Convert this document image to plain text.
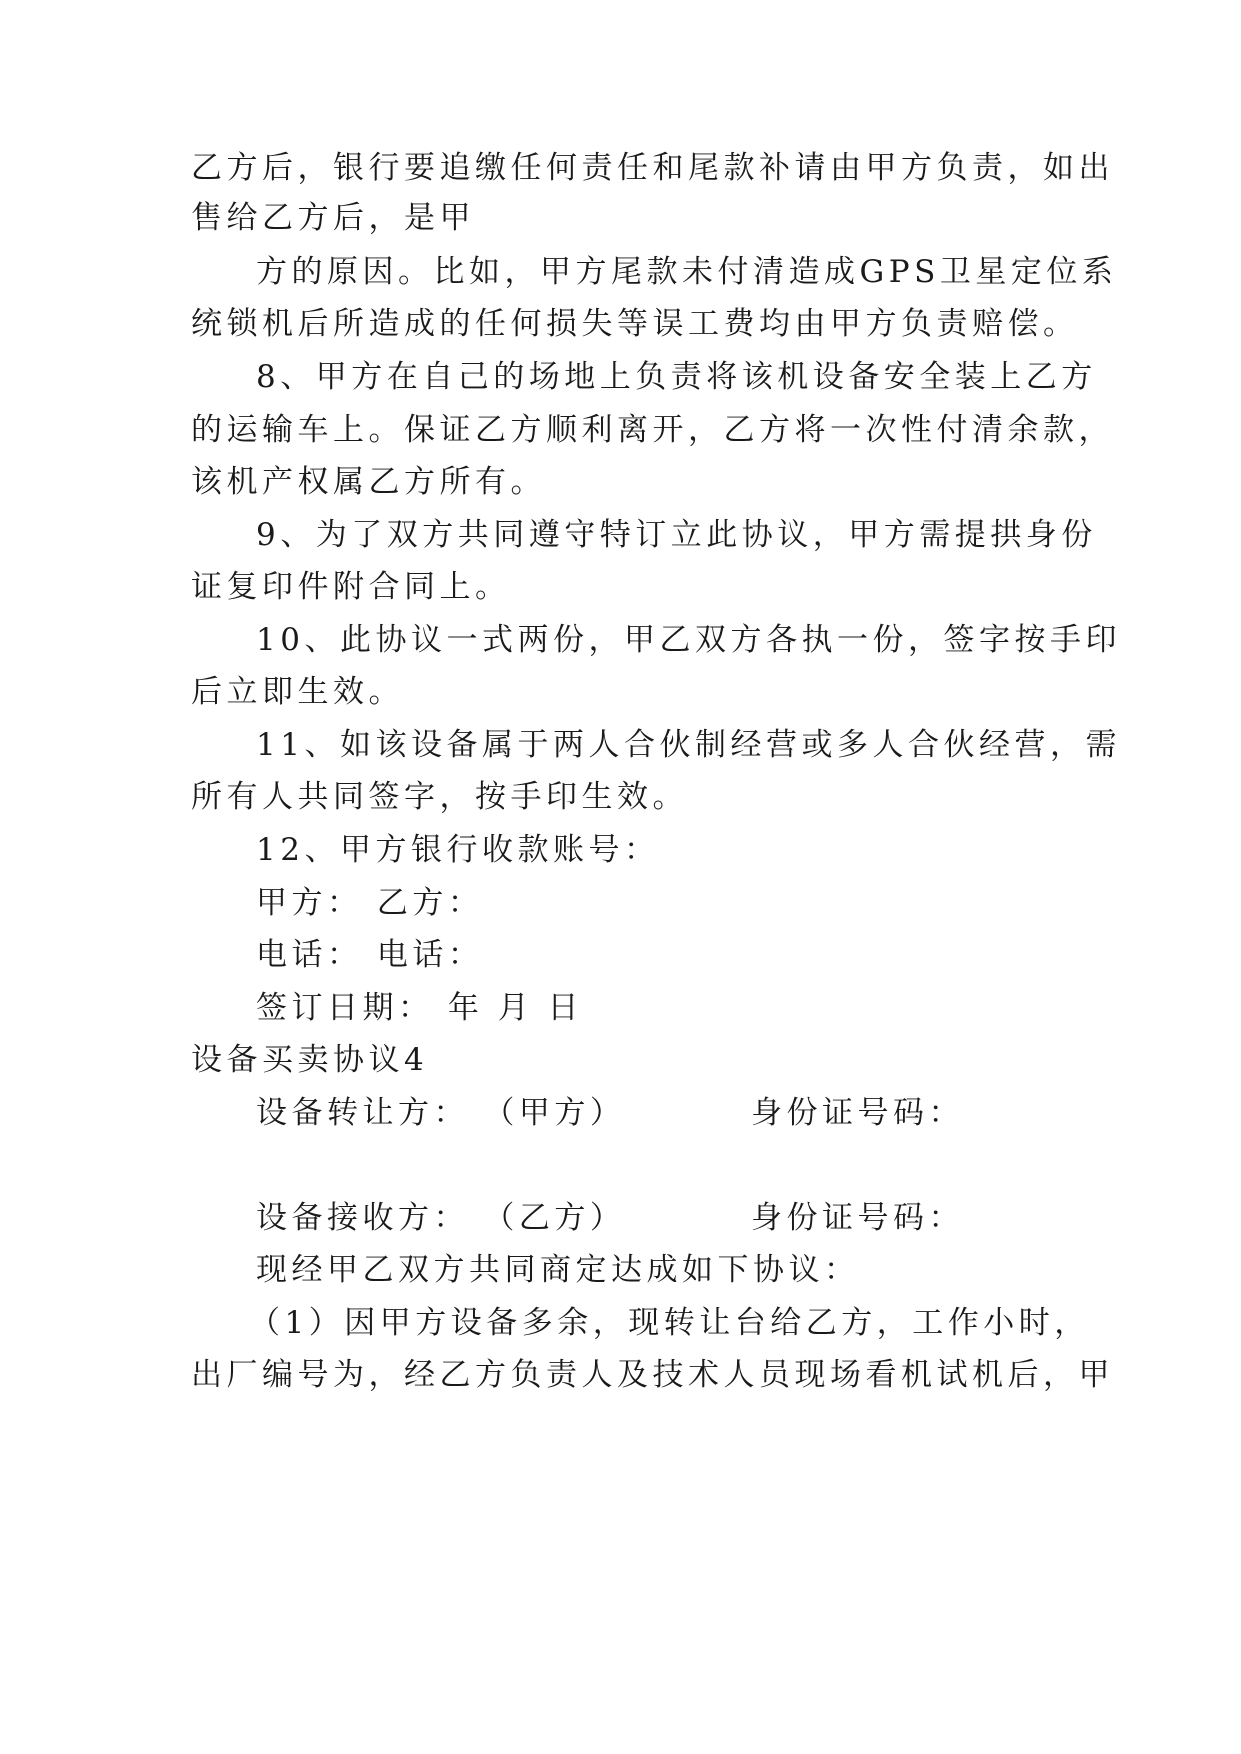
乙方后，银行要追缴任何责任和尾款补请由甲方负责，如出
售给乙方后，是甲
方的原因。比如，甲方尾款未付清造成GPS卫星定位系
统锁机后所造成的任何损失等误工费均由甲方负责赔偿。
8、甲方在自己的场地上负责将该机设备安全装上乙方
的运输车上。保证乙方顺利离开，乙方将一次性付清余款，
该机产权属乙方所有。
9、为了双方共同遵守特订立此协议，甲方需提拱身份
证复印件附合同上。
10、此协议一式两份，甲乙双方各执一份，签字按手印
后立即生效。
11、如该设备属于两人合伙制经营或多人合伙经营，需
所有人共同签字，按手印生效。
12、甲方银行收款账号：
甲方： 乙方：
电话： 电话：
签订日期： 年 月 日
设备买卖协议4
设备转让方： （甲方）	身份证号码：
设备接收方： （乙方）	身份证号码：
现经甲乙双方共同商定达成如下协议：
（1）因甲方设备多余，现转让台给乙方，工作小时，
出厂编号为，经乙方负责人及技术人员现场看机试机后，甲
